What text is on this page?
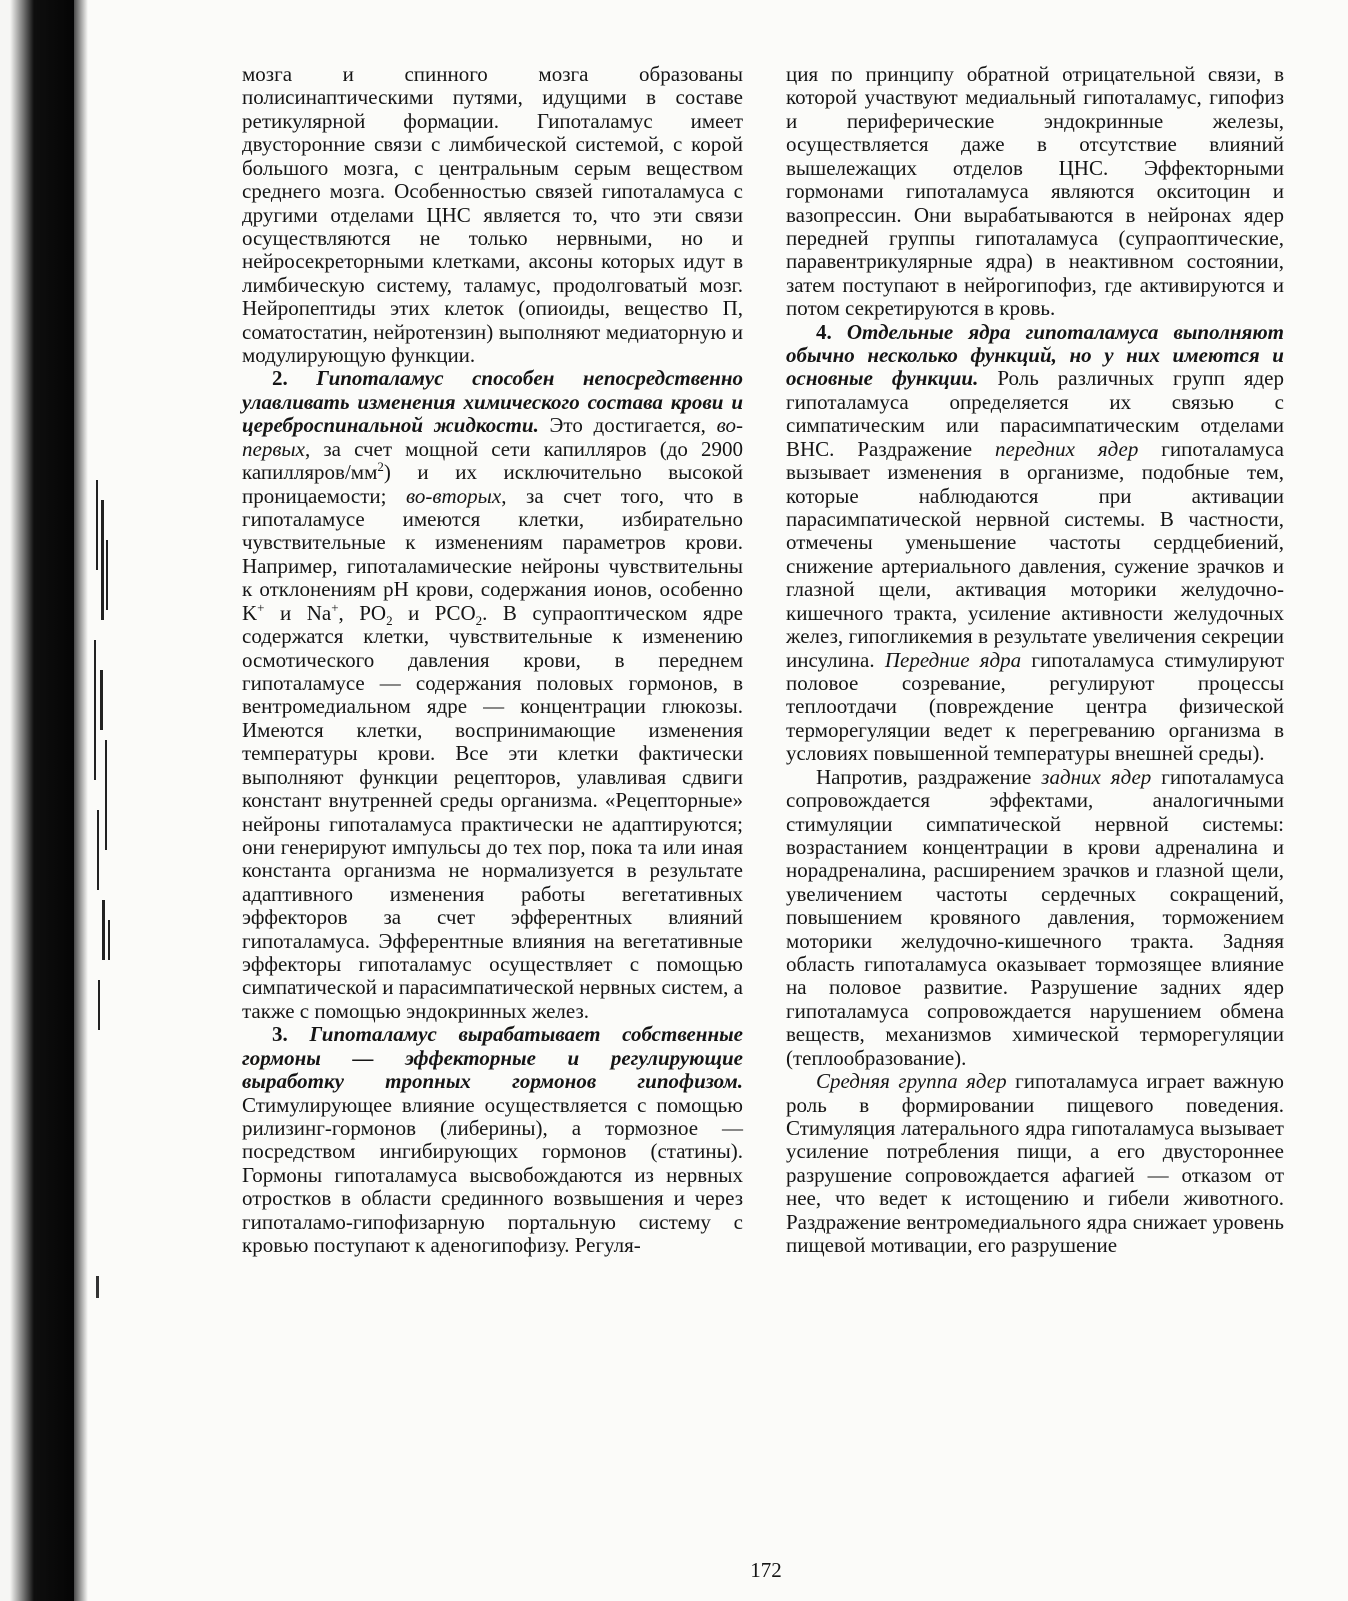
мозга и спинного мозга образованы полисинаптическими путями, идущими в составе ретикулярной формации. Гипоталамус имеет двусторонние связи с лимбической системой, с корой большого мозга, с центральным серым веществом среднего мозга. Особенностью связей гипоталамуса с другими отделами ЦНС является то, что эти связи осуществляются не только нервными, но и нейросекреторными клетками, аксоны которых идут в лимбическую систему, таламус, продолговатый мозг. Нейропептиды этих клеток (опиоиды, вещество П, соматостатин, нейротензин) выполняют медиаторную и модулирующую функции.

2. Гипоталамус способен непосредственно улавливать изменения химического состава крови и цереброспинальной жидкости. Это достигается, во-первых, за счет мощной сети капилляров (до 2900 капилляров/$мм^2$) и их исключительно высокой проницаемости; во-вторых, за счет того, что в гипоталамусе имеются клетки, избирательно чувствительные к изменениям параметров крови. Например, гипоталамические нейроны чувствительны к отклонениям pH крови, содержания ионов, особенно K+ и Na+, $PO_2$ и $PCO_2$. В супраоптическом ядре содержатся клетки, чувствительные к изменению осмотического давления крови, в переднем гипоталамусе — содержания половых гормонов, в вентромедиальном ядре — концентрации глюкозы. Имеются клетки, воспринимающие изменения температуры крови. Все эти клетки фактически выполняют функции рецепторов, улавливая сдвиги констант внутренней среды организма. «Рецепторные» нейроны гипоталамуса практически не адаптируются; они генерируют импульсы до тех пор, пока та или иная константа организма не нормализуется в результате адаптивного изменения работы вегетативных эффекторов за счет эфферентных влияний гипоталамуса. Эфферентные влияния на вегетативные эффекторы гипоталамус осуществляет с помощью симпатической и парасимпатической нервных систем, а также с помощью эндокринных желез.

3. Гипоталамус вырабатывает собственные гормоны — эффекторные и регулирующие выработку тропных гормонов гипофизом. Стимулирующее влияние осуществляется с помощью рилизинг-гормонов (либерины), а тормозное — посредством ингибирующих гормонов (статины). Гормоны гипоталамуса высвобождаются из нервных отростков в области срединного возвышения и через гипоталамо-гипофизарную портальную систему с кровью поступают к аденогипофизу. Регуля-

ция по принципу обратной отрицательной связи, в которой участвуют медиальный гипоталамус, гипофиз и периферические эндокринные железы, осуществляется даже в отсутствие влияний вышележащих отделов ЦНС. Эффекторными гормонами гипоталамуса являются окситоцин и вазопрессин. Они вырабатываются в нейронах ядер передней группы гипоталамуса (супраоптические, паравентрикулярные ядра) в неактивном состоянии, затем поступают в нейрогипофиз, где активируются и потом секретируются в кровь.

4. Отдельные ядра гипоталамуса выполняют обычно несколько функций, но у них имеются и основные функции. Роль различных групп ядер гипоталамуса определяется их связью с симпатическим или парасимпатическим отделами ВНС. Раздражение передних ядер гипоталамуса вызывает изменения в организме, подобные тем, которые наблюдаются при активации парасимпатической нервной системы. В частности, отмечены уменьшение частоты сердцебиений, снижение артериального давления, сужение зрачков и глазной щели, активация моторики желудочно-кишечного тракта, усиление активности желудочных желез, гипогликемия в результате увеличения секреции инсулина. Передние ядра гипоталамуса стимулируют половое созревание, регулируют процессы теплоотдачи (повреждение центра физической терморегуляции ведет к перегреванию организма в условиях повышенной температуры внешней среды).

Напротив, раздражение задних ядер гипоталамуса сопровождается эффектами, аналогичными стимуляции симпатической нервной системы: возрастанием концентрации в крови адреналина и норадреналина, расширением зрачков и глазной щели, увеличением частоты сердечных сокращений, повышением кровяного давления, торможением моторики желудочно-кишечного тракта. Задняя область гипоталамуса оказывает тормозящее влияние на половое развитие. Разрушение задних ядер гипоталамуса сопровождается нарушением обмена веществ, механизмов химической терморегуляции (теплообразование).

Средняя группа ядер гипоталамуса играет важную роль в формировании пищевого поведения. Стимуляция латерального ядра гипоталамуса вызывает усиление потребления пищи, а его двустороннее разрушение сопровождается афагией — отказом от нее, что ведет к истощению и гибели животного. Раздражение вентромедиального ядра снижает уровень пищевой мотивации, его разрушение

172
